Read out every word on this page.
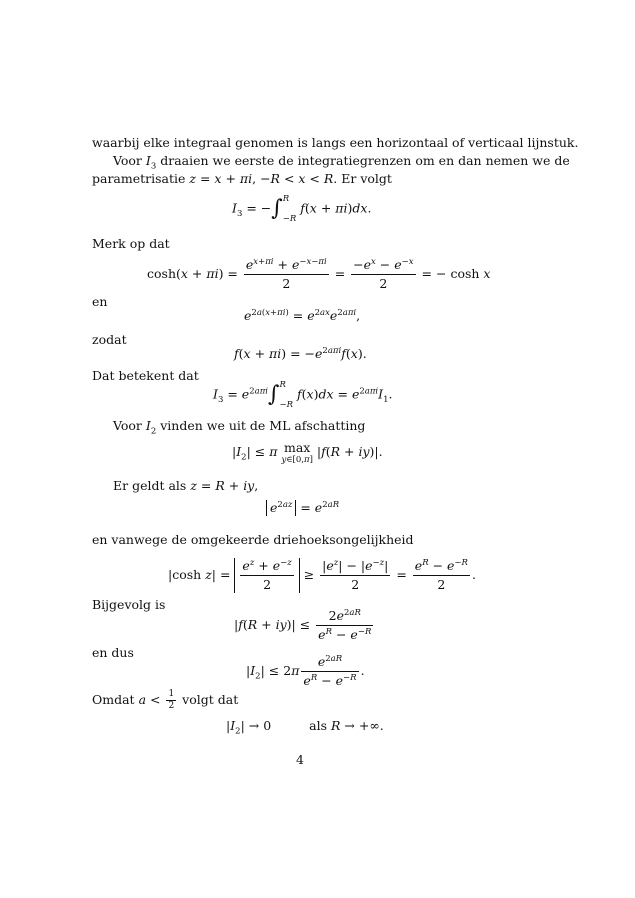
waarbij elke integraal genomen is langs een horizontaal of verticaal lijnstuk.
Voor $I_3$ draaien we eerste de integratiegrenzen om en dan nemen we de
parametrisatie z = x + πi, −R < x < R. Er volgt
$I_3$ = −∫ R
−R
f(x + πi)dx.
Merk op dat
$\cosh(x + \pi i) = \frac{e^{x+\pi i} + e^{-x-\pi i}}{2} = \frac{-e^x - e^{-x}}{2}$ = − cosh x
en
$e^{2a(x+\pi i)} = e^{2ax}e^{2a\pi i}$,
zodat
$f(x + \pi i) = -e^{2a\pi i}f(x)$.
Dat betekent dat
$I_3 = e^{2a\pi i}\int$ R
−R
$f(x)dx = e^{2a\pi i}I_1$.
Voor $I_2$ vinden we uit de ML afschatting
$|I_2| \le \pi$ max
y∈[0,π]
|f(R + iy)|.
Er geldt als z = R + iy,
$e^{2az} = e^{2aR}$
en vanwege de omgekeerde driehoeksongelijkheid
|cosh $z| = \frac{e^z + e^{-z}}{2} \ge \frac{|e^z| - |e^{-z}|}{2} = \frac{e^R - e^{-R}}{2}$ .
Bijgevolg is
$|f(R + iy)| \le \frac{2e^{2aR}}{e^R - e^{-R}}$
en dus
$|I_2| \le 2\pi \frac{e^{2aR}}{e^R - e^{-R}}$ .
Omdat $a < \frac{1}{2}$ volgt dat
$|I_2| \to 0$	als R → +∞.
4
